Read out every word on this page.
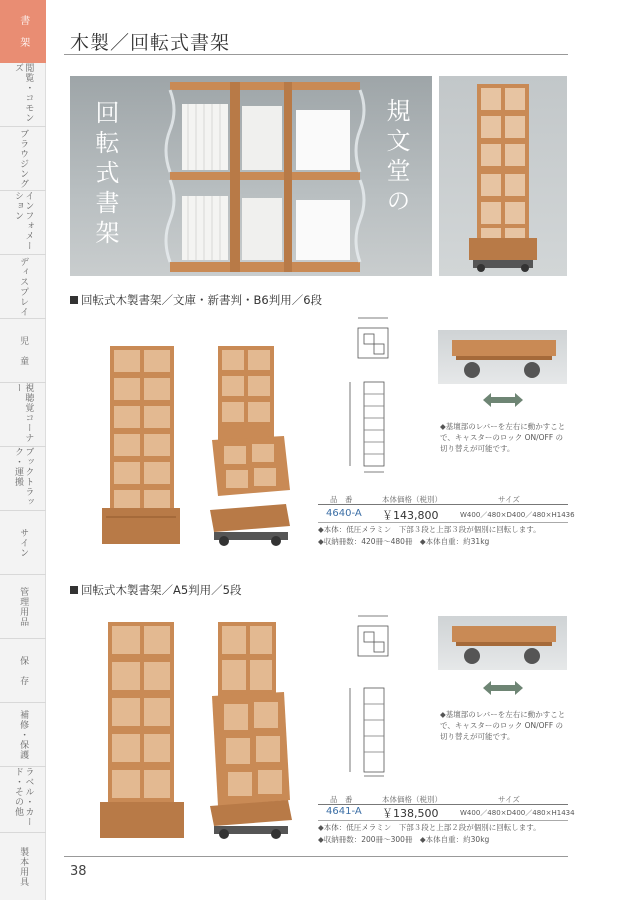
書　架
閲覧・コモンズ
ブラウジング
インフォメーション
ディスプレイ
児　童
視聴覚コーナー
ブックトラック・運搬
サイン
管理用品
保　存
補修・保護
ラベル・カード・その他
製本用具
木製／回転式書架
回転式書架	規文堂の
回転式木製書架／文庫・新書判・B6判用／6段
◆基壇部のレバーを左右に動かすこと
で、キャスターのロック ON/OFF の
切り替えが可能です。
品　番	本体価格（税別）	サイズ
4640-A ￥143,800	W400／480×D400／480×H1436
◆本体：低圧メラミン　下部３段と上部３段が個別に回転します。
◆収納冊数：420冊〜480冊　◆本体自重：約31kg
回転式木製書架／A5判用／5段
◆基壇部のレバーを左右に動かすこと
で、キャスターのロック ON/OFF の
切り替えが可能です。
品　番	本体価格（税別）	サイズ
4641-A ￥138,500	W400／480×D400／480×H1434
◆本体：低圧メラミン　下部３段と上部２段が個別に回転します。
◆収納冊数：200冊〜300冊　◆本体自重：約30kg
38
